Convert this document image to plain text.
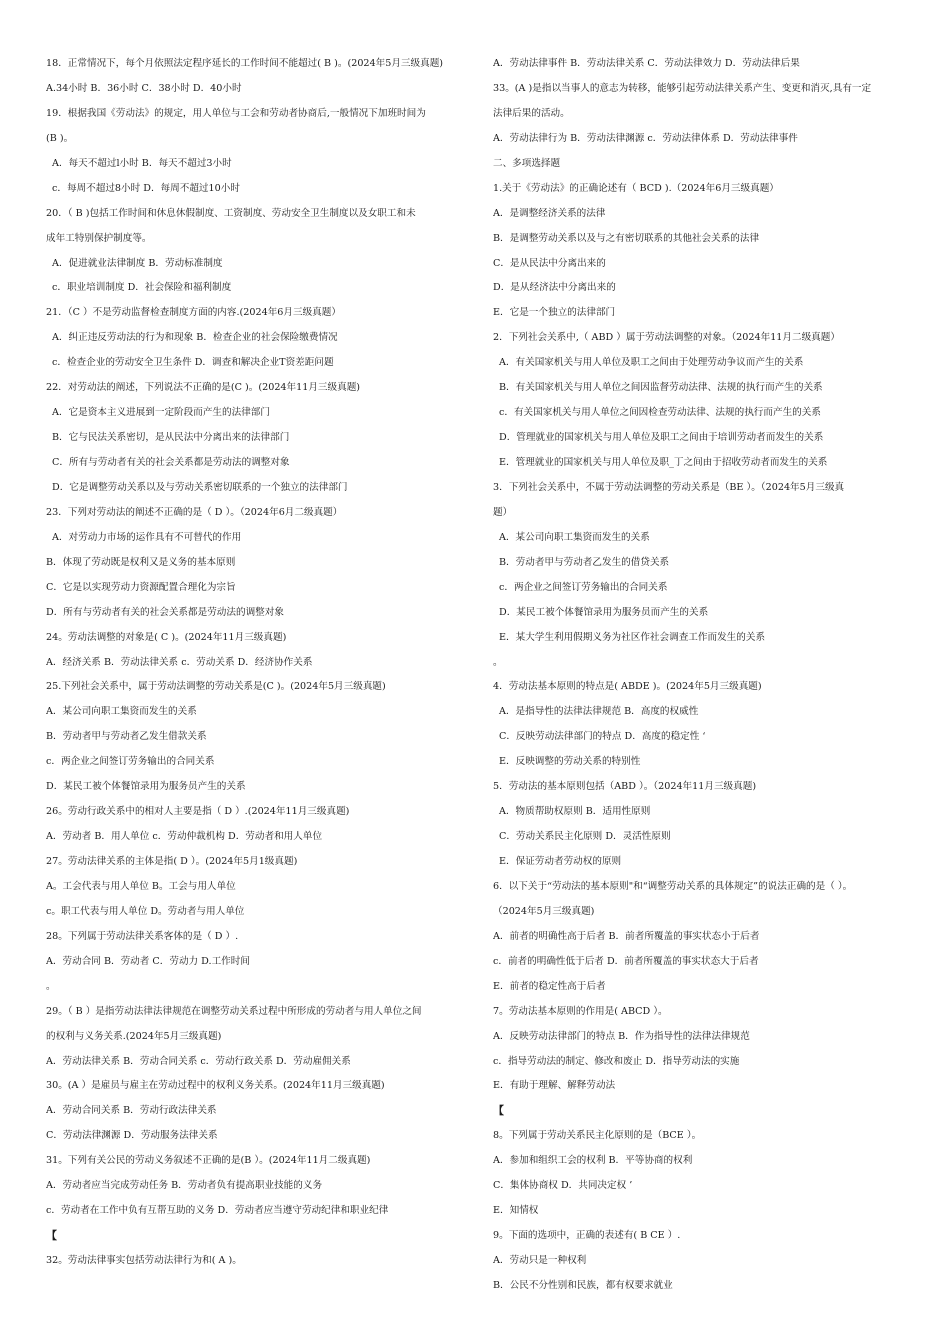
18．正常情况下，每个月依照法定程序延长的工作时间不能超过( B )。(2024年5月三级真题)
A.34小时 B．36小时 C．38小时 D．40小时
19．根据我国《劳动法》的规定，用人单位与工会和劳动者协商后,一般情况下加班时间为
(B )。
A．每天不超过l小时 B．每天不超过3小时
c．每周不超过8小时 D．每周不超过10小时
20．（ B )包括工作时间和休息休假制度、工资制度、劳动安全卫生制度以及女职工和未
成年工特别保护制度等。
A．促进就业法律制度 B．劳动标准制度
c．职业培训制度 D．社会保险和福利制度
21．（C ）不是劳动监督检查制度方面的内容.(2024年6月三级真题）
A．纠正违反劳动法的行为和现象 B．检查企业的社会保险缴费情况
c．检查企业的劳动安全卫生条件 D．调查和解决企业T资差距问题
22．对劳动法的阐述，下列说法不正确的是(C )。(2024年11月三级真题)
A．它是资本主义进展到一定阶段而产生的法律部门
B．它与民法关系密切，是从民法中分离出来的法律部门
C．所有与劳动者有关的社会关系都是劳动法的调整对象
D．它是调整劳动关系以及与劳动关系密切联系的一个独立的法律部门
23．下列对劳动法的阐述不正确的是（ D ）。（2024年6月二级真题）
A．对劳动力市场的运作具有不可替代的作用
B．体现了劳动既是权利又是义务的基本原则
C．它是以实现劳动力资源配置合理化为宗旨
D．所有与劳动者有关的社会关系都是劳动法的调整对象
24。劳动法调整的对象是( C )。(2024年11月三级真题)
A．经济关系 B．劳动法律关系 c．劳动关系 D．经济协作关系
25.下列社会关系中，属于劳动法调整的劳动关系是(C )。(2024年5月三级真题)
A．某公司向职工集资而发生的关系
B．劳动者甲与劳动者乙发生借款关系
c．两企业之间签订劳务输出的合同关系
D．某民工被个体餐馆录用为服务员产生的关系
26。劳动行政关系中的相对人主要是指（ D ）.(2024年11月三级真题)
A．劳动者 B．用人单位 c．劳动仲裁机构 D．劳动者和用人单位
27。劳动法律关系的主体是指( D ）。(2024年5月1级真题)
A。工会代表与用人单位 B。工会与用人单位
c。职工代表与用人单位 D。劳动者与用人单位
28。下列属于劳动法律关系客体的是（ D ）.
A．劳动合同 B．劳动者 C．劳动力 D.工作时间
。
29。（ B ）是指劳动法律法律规范在调整劳动关系过程中所形成的劳动者与用人单位之间
的权利与义务关系.(2024年5月三级真题)
A．劳动法律关系 B．劳动合同关系 c．劳动行政关系 D．劳动雇佣关系
30。(A ）是雇员与雇主在劳动过程中的权利义务关系。(2024年11月三级真题)
A．劳动合同关系 B．劳动行政法律关系
C．劳动法律渊源 D．劳动服务法律关系
31。下列有关公民的劳动义务叙述不正确的是(B ）。(2024年11月二级真题)
A．劳动者应当完成劳动任务 B．劳动者负有提高职业技能的义务
c．劳动者在工作中负有互帮互助的义务 D．劳动者应当遵守劳动纪律和职业纪律
【
32。劳动法律事实包括劳动法律行为和( A )。
A．劳动法律事件 B．劳动法律关系 C．劳动法律效力 D．劳动法律后果
33。(A )是指以当事人的意志为转移，能够引起劳动法律关系产生、变更和消灭,具有一定
法律后果的活动。
A．劳动法律行为 B．劳动法律渊源 c．劳动法律体系 D．劳动法律事件
二、多项选择题
1.关于《劳动法》的正确论述有（ BCD ).（2024年6月三级真题）
A．是调整经济关系的法律
B．是调整劳动关系以及与之有密切联系的其他社会关系的法律
C．是从民法中分离出来的
D．是从经济法中分离出来的
E．它是一个独立的法律部门
2．下列社会关系中,（ ABD ）属于劳动法调整的对象。（2024年11月二级真题）
A．有关国家机关与用人单位及职工之间由于处理劳动争议而产生的关系
B．有关国家机关与用人单位之间因监督劳动法律、法规的执行而产生的关系
c．有关国家机关与用人单位之间因检查劳动法律、法规的执行而产生的关系
D．管理就业的国家机关与用人单位及职工之间由于培训劳动者而发生的关系
E．管理就业的国家机关与用人单位及职_丁之间由于招收劳动者而发生的关系
3．下列社会关系中，不属于劳动法调整的劳动关系是（BE ）。（2024年5月三级真
题）
A．某公司向职工集资而发生的关系
B．劳动者甲与劳动者乙发生的借贷关系
c．两企业之间签订劳务输出的合同关系
D．某民工被个体餐馆录用为服务员而产生的关系
E．某大学生利用假期义务为社区作社会调查工作而发生的关系
。
4．劳动法基本原则的特点是( ABDE )。(2024年5月三级真题)
A．是指导性的法律法律规范 B．高度的权威性
C．反映劳动法律部门的特点 D．高度的稳定性 ‘
E．反映调整的劳动关系的特别性
5．劳动法的基本原则包括（ABD ）。（2024年11月三级真题)
A．物质帮助权原则 B．适用性原则
C．劳动关系民主化原则 D．灵活性原则
E．保证劳动者劳动权的原则
6．以下关于“劳动法的基本原则"和“调整劳动关系的具体规定”的说法正确的是（ ）。
（2024年5月三级真题)
A．前者的明确性高于后者 B．前者所覆盖的事实状态小于后者
c．前者的明确性低于后者 D．前者所覆盖的事实状态大于后者
E．前者的稳定性高于后者
7。劳动法基本原则的作用是( ABCD ）。
A．反映劳动法律部门的特点 B．作为指导性的法律法律规范
c．指导劳动法的制定、修改和废止 D．指导劳动法的实施
E．有助于理解、解释劳动法
【
8。下列属于劳动关系民主化原则的是（BCE ）。
A．参加和组织工会的权利 B．平等协商的权利
C．集体协商权 D．共同决定权 ’
E．知情权
9。下面的选项中，正确的表述有( B CE ）.
A．劳动只是一种权利
B．公民不分性别和民族，都有权要求就业
